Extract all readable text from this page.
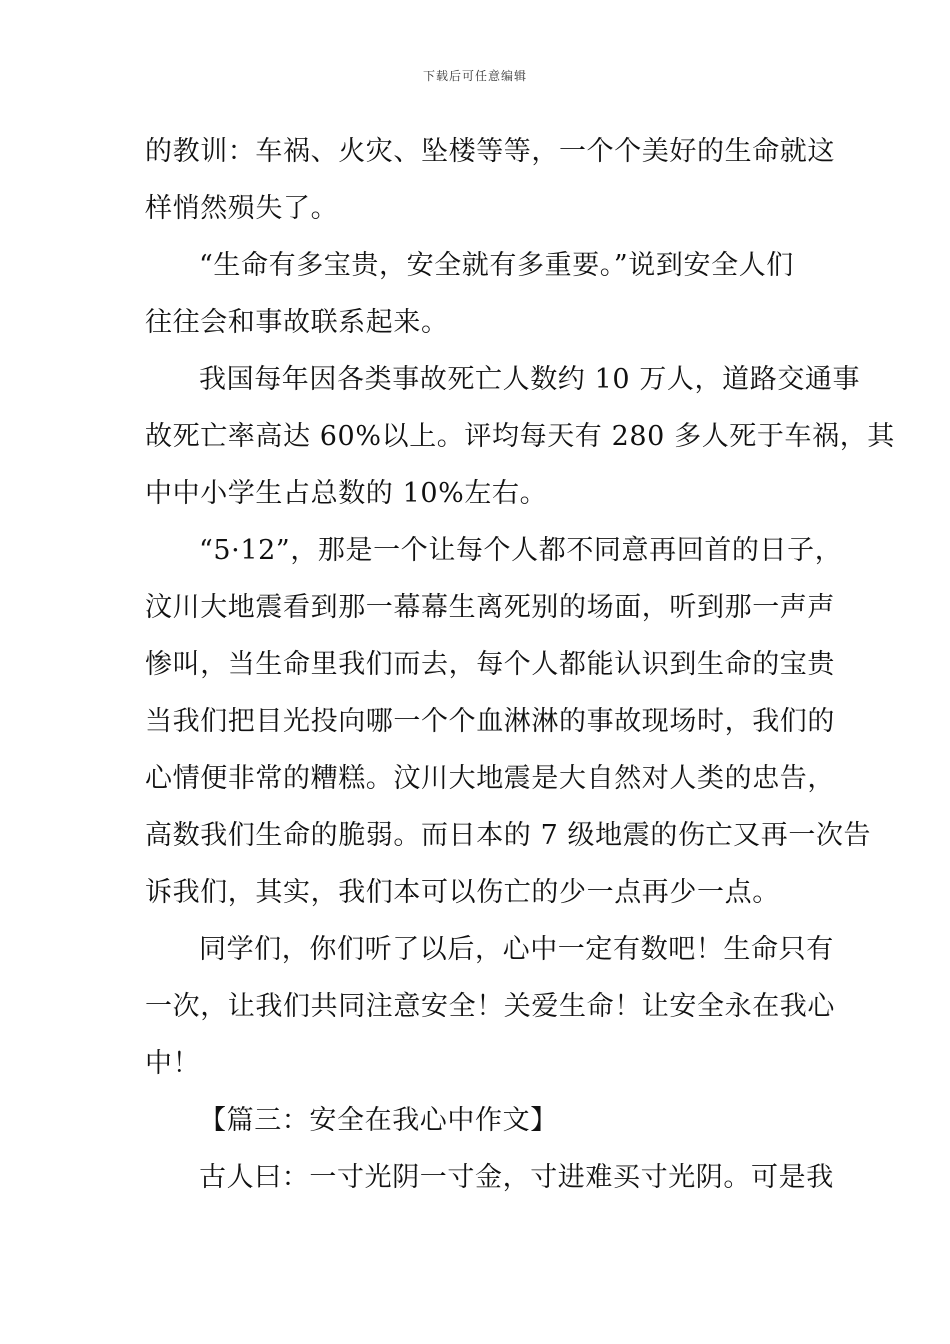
下载后可任意编辑
的教训：车祸、火灾、坠楼等等，一个个美好的生命就这
样悄然殒失了。
“生命有多宝贵，安全就有多重要。”说到安全人们
往往会和事故联系起来。
我国每年因各类事故死亡人数约 10 万人，道路交通事
故死亡率高达 60%以上。评均每天有 280 多人死于车祸，其
中中小学生占总数的 10%左右。
“5·12”，那是一个让每个人都不同意再回首的日子，
汶川大地震看到那一幕幕生离死别的场面，听到那一声声
惨叫，当生命里我们而去，每个人都能认识到生命的宝贵
当我们把目光投向哪一个个血淋淋的事故现场时，我们的
心情便非常的糟糕。汶川大地震是大自然对人类的忠告，
高数我们生命的脆弱。而日本的 7 级地震的伤亡又再一次告
诉我们，其实，我们本可以伤亡的少一点再少一点。
同学们，你们听了以后，心中一定有数吧！生命只有
一次，让我们共同注意安全！关爱生命！让安全永在我心
中！
【篇三：安全在我心中作文】
古人曰：一寸光阴一寸金，寸进难买寸光阴。可是我
